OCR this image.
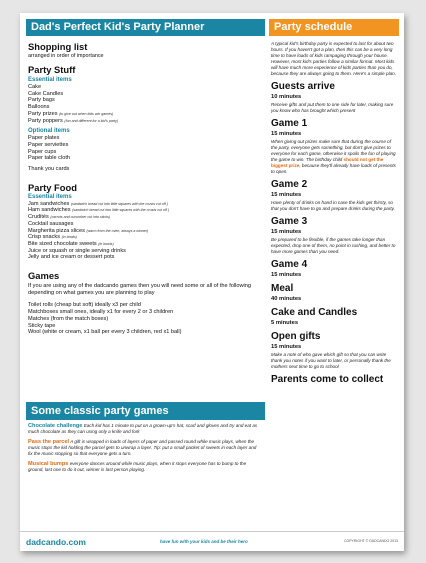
Dad's Perfect Kid's Party Planner	Party schedule
Shopping list

arranged in order of importance

Party Stuff
Essential items
Cake
Cake Candles
Party bags
Balloons
Party prizes (to give out when kids win games)
Party poppers (fun and different for a kid's party)
Optional items
Paper plates
Paper serviettes
Paper cups
Paper table cloth

Thank you cards

Party Food
Essential items
Jam sandwiches (sandwich bread cut into little squares with the crusts cut off )
Ham sandwiches (sandwich bread cut into little squares with the crusts cut off )
Crudités (carrots and cucumber cut into sticks)
Cocktail sausages
Margherita pizza slices (warm from the oven, always a winner)
Crisp snacks (in bowls)
Bite sized chocolate sweets (in bowls)
Juice or squash or single serving drinks
Jelly and ice cream or dessert pots
Games

If you are using any of the dadcando games then you will need some or all of the following depending on what games you are planning to play

Toilet rolls (cheap but soft) ideally x3 per child
Matchboxes small ones, ideally x1 for every 2 or 3 children
Matches (from the match boxes)
Sticky tape
Wool (white or cream, x1 ball per every 3 children, red x1 ball)
Some classic party games

Chocolate challenge Each kid has 1 minute to put on a grown-up's hat, scarf and gloves and try and eat as much chocolate as they can using only a knife and fork

Pass the parcel A gift is wrapped in loads of layers of paper and passed round while music plays, when the music stops the kid holding the parcel gets to unwrap a layer. Tip: put a small packet of sweets in each layer and fix the music stopping so that everyone gets a turn.

Musical bumps everyone dances around while music plays, when it stops everyone has to bump to the ground, last one to do it out, winner is last person playing.

A typical kid's birthday party is expected to last for about two hours. If you haven't got a plan, then this can be a very long time to have loads of kids rampaging through your house. However, most kid's parties follow a similar format. Most kids will have much more experience of kids parties than you do, because they are always going to them. Here's a simple plan.

Guests arrive

10 minutes

Receive gifts and put them to one side for later, making sure you know who has brought which present

Game 1

15 minutes

When giving out prizes make sure that during the course of the party, everyone gets something, but don't give prizes to everyone for each game, otherwise it spoils the fun of playing the game to win. The birthday child should not get the biggest prize, because they'll already have loads of presents to open.

Game 2

15 minutes

Have plenty of drinks on hand in case the kids get thirsty, so that you don't have to go and prepare drinks during the party.

Game 3

15 minutes

Be prepared to be flexible, if the games take longer than expected, drop one of them, no point in rushing, and better to have more games than you need.

Game 4

15 minutes

Meal

40 minutes

Cake and Candles

5 minutes

Open gifts

15 minutes

Make a note of who gave which gift so that you can write thank you notes if you want to later, or personally thank the mothers next time to go to school

Parents come to collect
dadcando.com	have fun with your kids and be their hero	COPYRIGHT © DADCANDO 2013
